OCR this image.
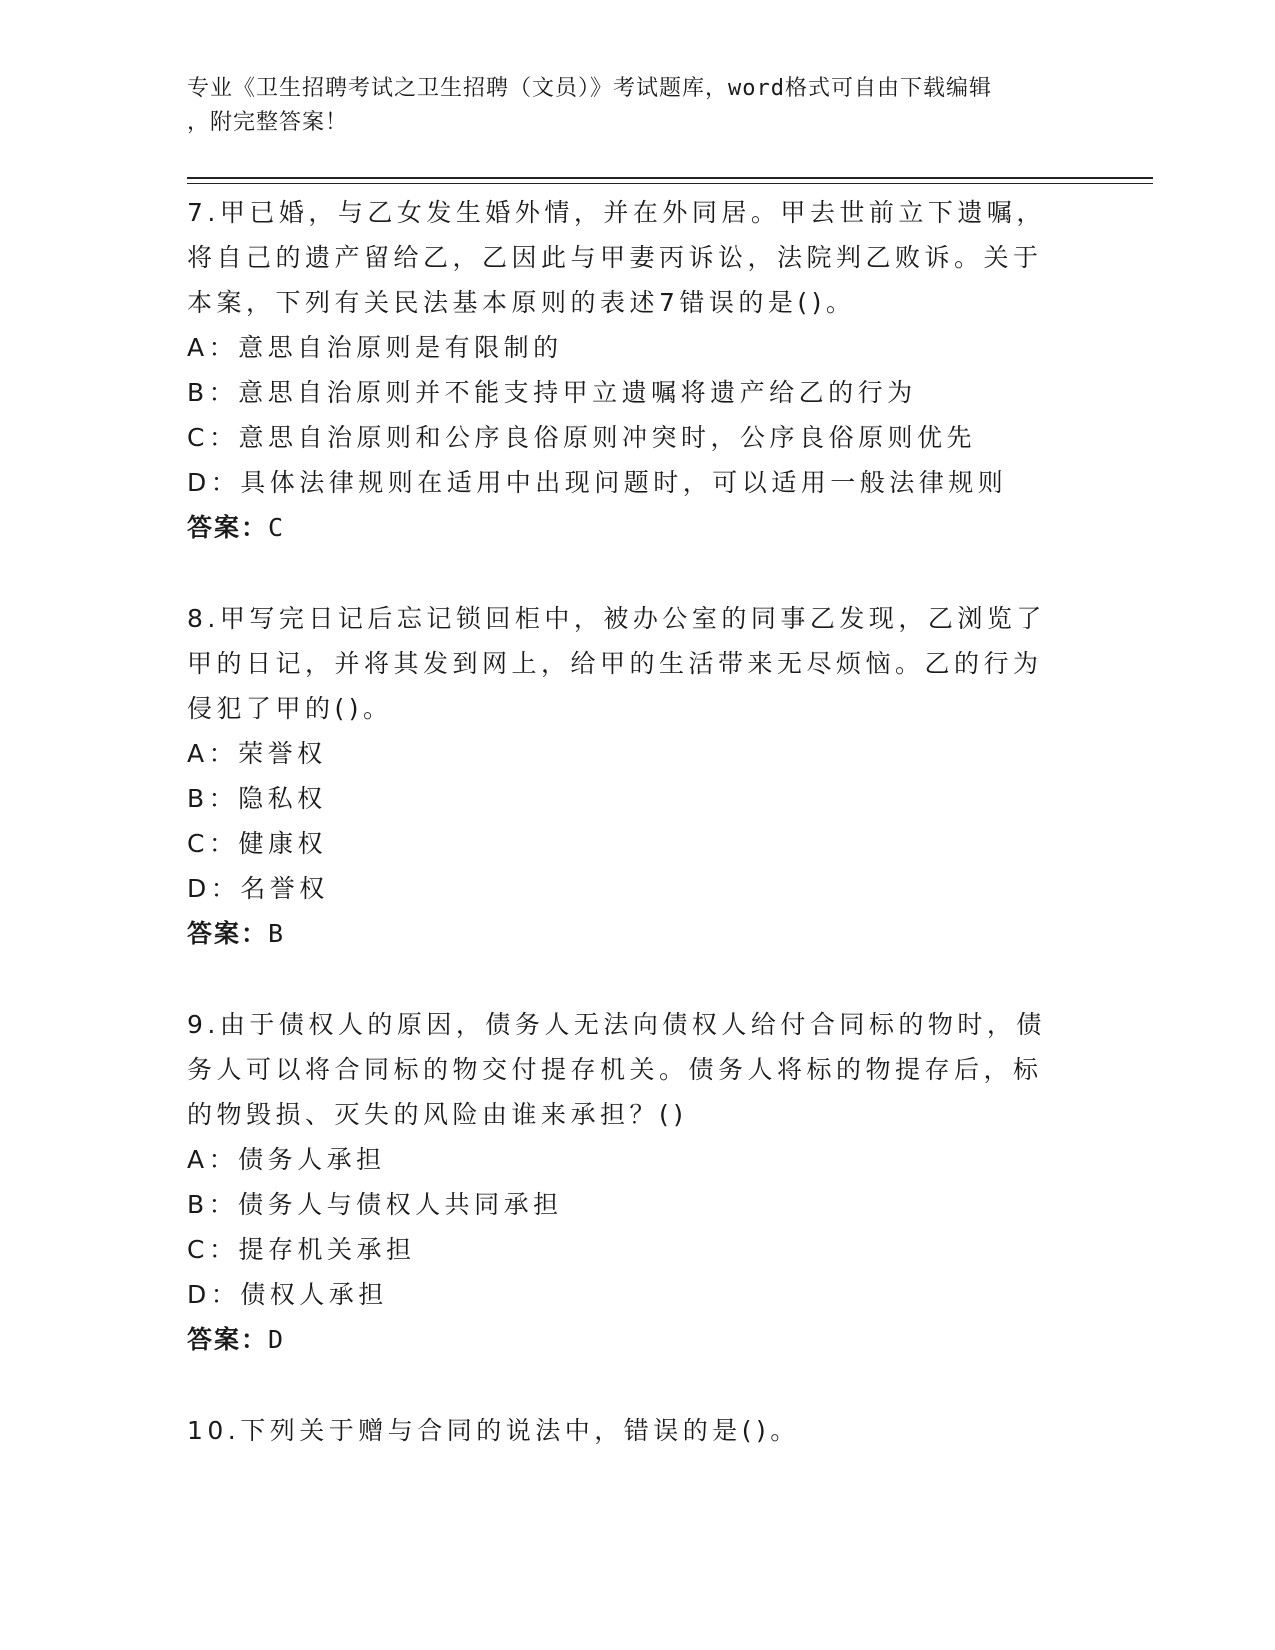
专业《卫生招聘考试之卫生招聘（文员）》考试题库，word格式可自由下载编辑
，附完整答案！

7.甲已婚，与乙女发生婚外情，并在外同居。甲去世前立下遗嘱，将自己的遗产留给乙，乙因此与甲妻丙诉讼，法院判乙败诉。关于本案，下列有关民法基本原则的表述7错误的是()。

A：意思自治原则是有限制的

B：意思自治原则并不能支持甲立遗嘱将遗产给乙的行为

C：意思自治原则和公序良俗原则冲突时，公序良俗原则优先

D：具体法律规则在适用中出现问题时，可以适用一般法律规则

答案：C

8.甲写完日记后忘记锁回柜中，被办公室的同事乙发现，乙浏览了甲的日记，并将其发到网上，给甲的生活带来无尽烦恼。乙的行为侵犯了甲的()。

A：荣誉权

B：隐私权

C：健康权

D：名誉权

答案：B

9.由于债权人的原因，债务人无法向债权人给付合同标的物时，债务人可以将合同标的物交付提存机关。债务人将标的物提存后，标的物毁损、灭失的风险由谁来承担？()

A：债务人承担

B：债务人与债权人共同承担

C：提存机关承担

D：债权人承担

答案：D

10.下列关于赠与合同的说法中，错误的是()。
